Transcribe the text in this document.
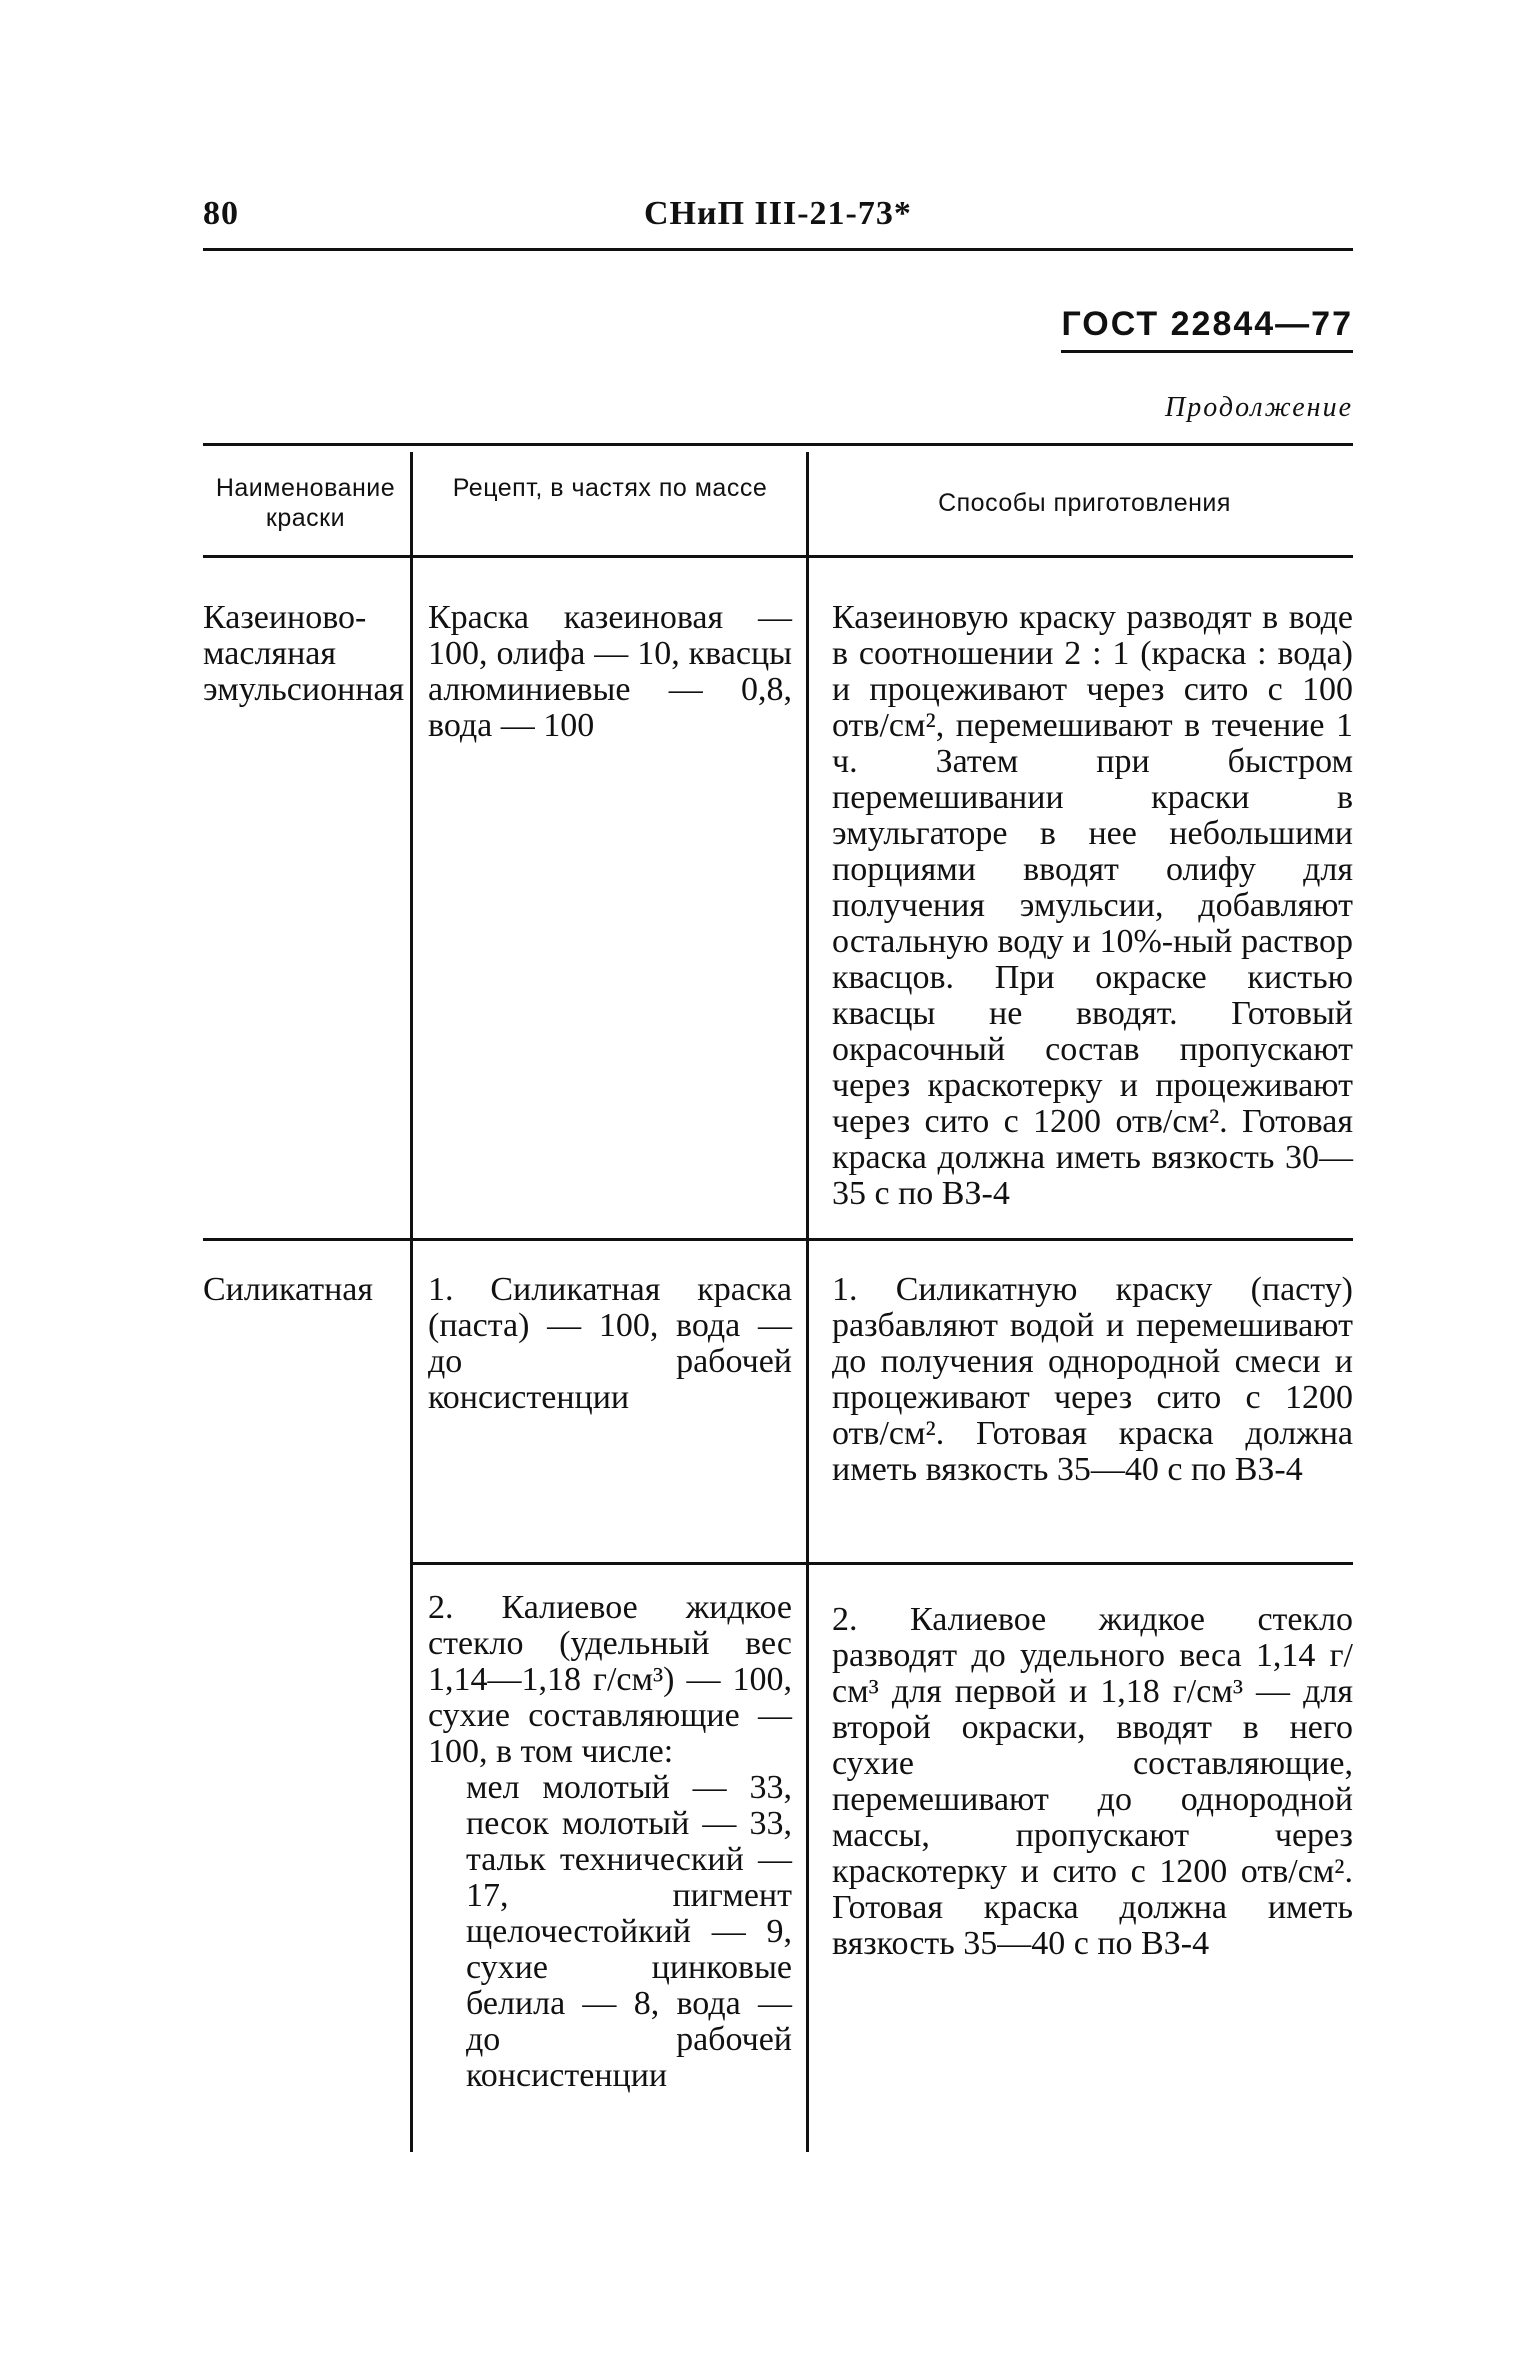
80	СНиП III-21-73*
ГОСТ 22844—77
Продолжение
Наименование краски
Рецепт, в частях по массе
Способы приготовления
Казеиново-масляная эмульсионная
Краска казеиновая — 100, олифа — 10, квасцы алюминиевые — 0,8, вода — 100
Казеиновую краску разводят в воде в соотношении 2 : 1 (краска : вода) и процеживают через сито с 100 отв/см², перемешивают в течение 1 ч. Затем при быстром перемешивании краски в эмульгаторе в нее небольшими порциями вводят олифу для получения эмульсии, добавляют остальную воду и 10%-ный раствор квасцов. При окраске кистью квасцы не вводят. Готовый окрасочный состав пропускают через краскотерку и процеживают через сито с 1200 отв/см². Готовая краска должна иметь вязкость 30—35 с по ВЗ-4
Силикатная	1. Силикатная краска (паста) — 100, вода — до рабочей консистенции
1. Силикатную краску (пасту) разбавляют водой и перемешивают до получения однородной смеси и процеживают через сито с 1200 отв/см². Готовая краска должна иметь вязкость 35—40 с по ВЗ-4
2. Калиевое жидкое стекло (удельный вес 1,14—1,18 г/см³) — 100, сухие составляющие — 100, в том числе:
мел молотый — 33, песок молотый — 33, тальк технический — 17, пигмент щелочестойкий — 9, сухие цинковые белила — 8, вода — до рабочей консистенции
2. Калиевое жидкое стекло разводят до удельного веса 1,14 г/см³ для первой и 1,18 г/см³ — для второй окраски, вводят в него сухие составляющие, перемешивают до однородной массы, пропускают через краскотерку и сито с 1200 отв/см². Готовая краска должна иметь вязкость 35—40 с по ВЗ-4
